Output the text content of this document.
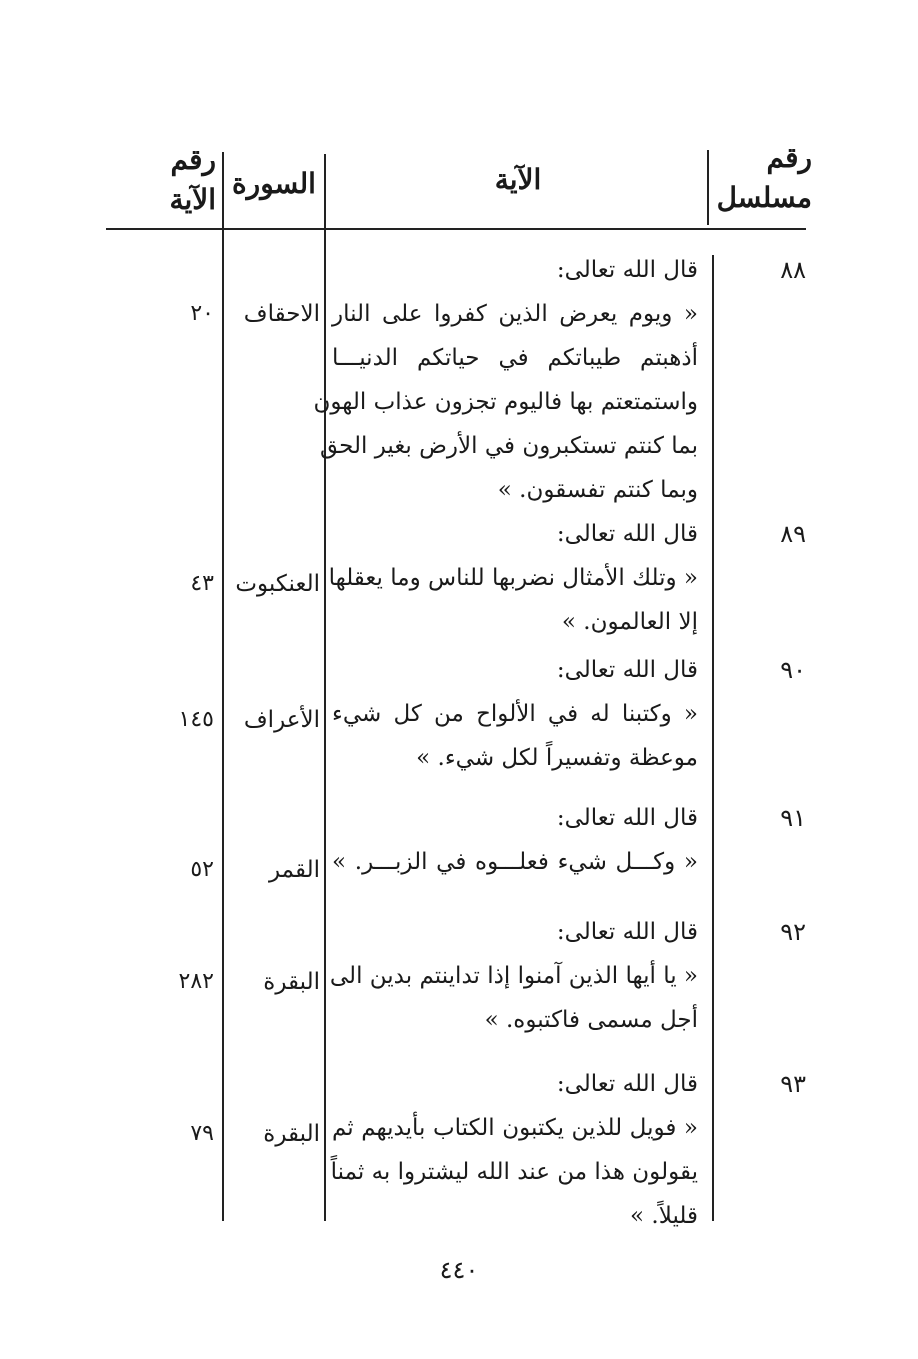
رقم
مسلسل
الآية
السورة
رقم
الآية
٨٨
قال الله تعالى:
« ويوم يعرض الذين كفروا على النار
أذهبتم طيباتكم في حياتكم الدنيـــا
واستمتعتم بها فاليوم تجزون عذاب الهون
بما كنتم تستكبرون في الأرض بغير الحق
وبما كنتم تفسقون. »
الاحقاف
٢٠
٨٩
قال الله تعالى:
« وتلك الأمثال نضربها للناس وما يعقلها
إلا العالمون. »
العنكبوت
٤٣
٩٠
قال الله تعالى:
« وكتبنا له في الألواح من كل شيء
موعظة وتفسيراً لكل شيء. »
الأعراف
١٤٥
٩١
قال الله تعالى:
« وكـــل شيء فعلـــوه في الزبـــر. »
القمر
٥٢
٩٢
قال الله تعالى:
« يا أيها الذين آمنوا إذا تداينتم بدين الى
أجل مسمى فاكتبوه. »
البقرة
٢٨٢
٩٣
قال الله تعالى:
« فويل للذين يكتبون الكتاب بأيديهم ثم
يقولون هذا من عند الله ليشتروا به ثمناً
قليلاً. »
البقرة
٧٩
٤٤٠
